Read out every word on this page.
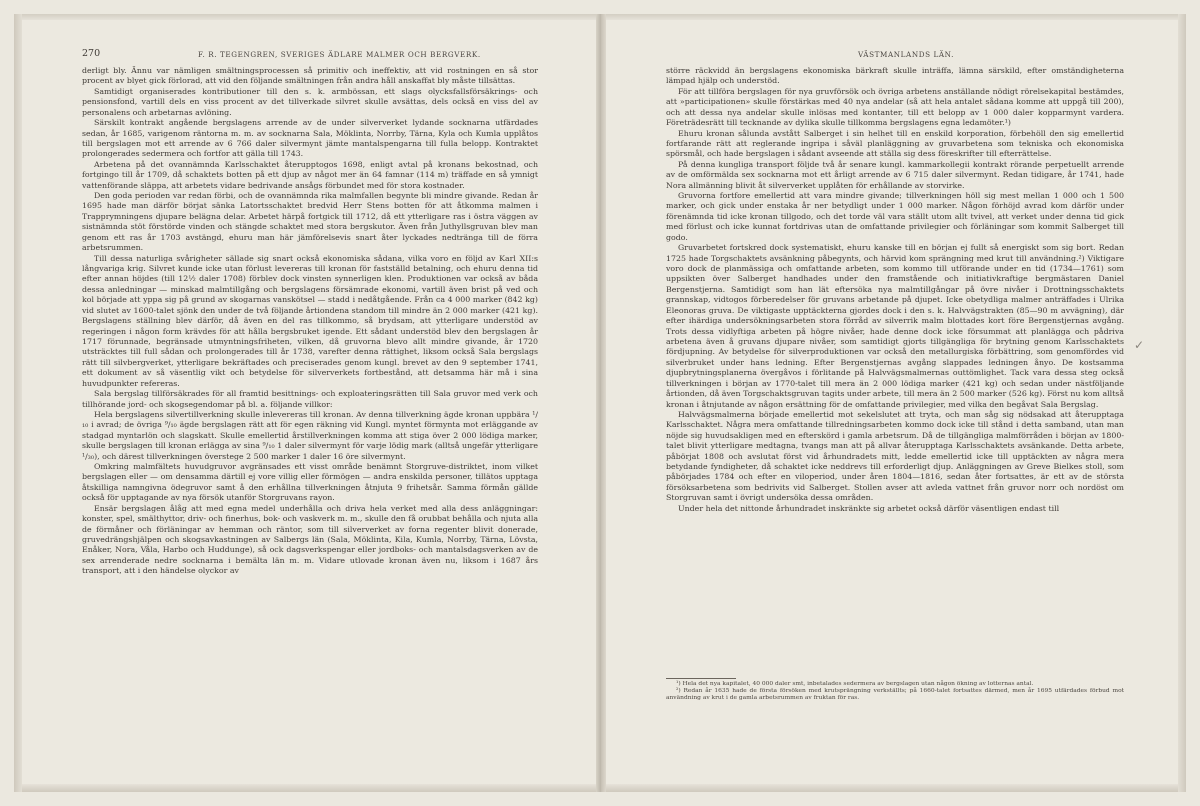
270	F. R. TEGENGREN, SVERIGES ÄDLARE MALMER OCH BERGVERK.

derligt bly. Ännu var nämligen smältningsprocessen så primitiv och ineffektiv, att vid rostningen en så stor procent av blyet gick förlorad, att vid den följande smältningen från andra håll anskaffat bly måste tillsättas.

Samtidigt organiserades kontributioner till den s. k. armbössan, ett slags olycksfallsförsäkrings- och pensionsfond, vartill dels en viss procent av det tillverkade silvret skulle avsättas, dels också en viss del av personalens och arbetarnas avlöning.

Särskilt kontrakt angående bergslagens arrende av de under silververket lydande socknarna utfärdades sedan, år 1685, varigenom räntorna m. m. av socknarna Sala, Möklinta, Norrby, Tärna, Kyla och Kumla upplåtos till bergslagen mot ett arrende av 6 766 daler silvermynt jämte mantalspengarna till fulla belopp. Kontraktet prolongerades sedermera och fortfor att gälla till 1743.

Arbetena på det ovannämnda Karlsschaktet återupptogos 1698, enligt avtal på kronans bekostnad, och fortgingo till år 1709, då schaktets botten på ett djup av något mer än 64 famnar (114 m) träffade en så ymnigt vattenförande släppa, att arbetets vidare bedrivande ansågs förbundet med för stora kostnader.

Den goda perioden var redan förbi, och de ovannämnda rika malmfallen begynte bli mindre givande. Redan år 1695 hade man därför börjat sänka Latortsschaktet bredvid Herr Stens botten för att åtkomma malmen i Trapprymningens djupare belägna delar. Arbetet härpå fortgick till 1712, då ett ytterligare ras i östra väggen av sistnämnda stöt förstörde vinden och stängde schaktet med stora bergskutor. Även från Juthyllsgruvan blev man genom ett ras år 1703 avstängd, ehuru man här jämförelsevis snart åter lyckades nedtränga till de förra arbetsrummen.

Till dessa naturliga svårigheter sällade sig snart också ekonomiska sådana, vilka voro en följd av Karl XII:s långvariga krig. Silvret kunde icke utan förlust levereras till kronan för fastställd betalning, och ehuru denna tid efter annan höjdes (till 12½ daler 1708) förblev dock vinsten synnerligen klen. Produktionen var också av båda dessa anledningar — minskad malmtillgång och bergslagens försämrade ekonomi, vartill även brist på ved och kol började att yppa sig på grund av skogarnas vanskötsel — stadd i nedåtgående. Från ca 4 000 marker (842 kg) vid slutet av 1600-talet sjönk den under de två följande årtiondena standom till mindre än 2 000 marker (421 kg). Bergslagens ställning blev därför, då även en del ras tillkommo, så brydsam, att ytterligare understöd av regeringen i någon form krävdes för att hålla bergsbruket igende. Ett sådant understöd blev den bergslagen år 1717 förunnade, begränsade utmyntningsfriheten, vilken, då gruvorna blevo allt mindre givande, år 1720 utsträcktes till full sådan och prolongerades till år 1738, varefter denna rättighet, liksom också Sala bergslags rätt till silvbergverket, ytterligare bekräftades och preciserades genom kungl. brevet av den 9 september 1741, ett dokument av så väsentlig vikt och betydelse för silververkets fortbestånd, att detsamma här må i sina huvudpunkter refereras.

Sala bergslag tillförsäkrades för all framtid besittnings- och exploateringsrätten till Sala gruvor med verk och tillhörande jord- och skogsegendomar på bl. a. följande villkor:

Hela bergslagens silvertillverkning skulle inlevereras till kronan. Av denna tillverkning ägde kronan uppbära ¹/₁₀ i avrad; de övriga ⁹/₁₀ ägde bergslagen rätt att för egen räkning vid Kungl. myntet förmynta mot erläggande av stadgad myntarlön och slagskatt. Skulle emellertid årstillverkningen komma att stiga över 2 000 lödiga marker, skulle bergslagen till kronan erlägga av sina ⁹/₁₀ 1 daler silvermynt för varje lödig mark (alltså ungefär ytterligare ¹/₃₀), och därest tillverkningen överstege 2 500 marker 1 daler 16 öre silvermynt.

Omkring malmfältets huvudgruvor avgränsades ett visst område benämnt Storgruve-distriktet, inom vilket bergslagen eller — om densamma därtill ej vore villig eller förmögen — andra enskilda personer, tillätos upptaga åtskilliga namngivna ödegruvor samt å den erhållna tillverkningen åtnjuta 9 frihetsår. Samma förmån gällde också för upptagande av nya försök utanför Storgruvans rayon.

Ensär bergslagen ålåg att med egna medel underhålla och driva hela verket med alla dess anläggningar: konster, spel, smälthyttor, driv- och finerhus, bok- och vaskverk m. m., skulle den få orubbat behålla och njuta alla de förmåner och förläningar av hemman och räntor, som till silververket av forna regenter blivit donerade, gruvedrängshjälpen och skogsavkastningen av Salbergs län (Sala, Möklinta, Kila, Kumla, Norrby, Tärna, Lövsta, Enåker, Nora, Våla, Harbo och Huddunge), så ock dagsverkspengar eller jordboks- och mantalsdagsverken av de sex arrenderade nedre socknarna i bemälta län m. m. Vidare utlovade kronan även nu, liksom i 1687 års transport, att i den händelse olyckor av

VÄSTMANLANDS LÄN.

större räckvidd än bergslagens ekonomiska bärkraft skulle inträffa, lämna särskild, efter omständigheterna lämpad hjälp och understöd.

För att tillföra bergslagen för nya gruvförsök och övriga arbetens anställande nödigt rörelsekapital bestämdes, att »participationen» skulle förstärkas med 40 nya andelar (så att hela antalet sådana komme att uppgå till 200), och att dessa nya andelar skulle inlösas med kontanter, till ett belopp av 1 000 daler kopparmynt vardera. Företrädesrätt till tecknande av dylika skulle tillkomma bergslagens egna ledamöter.¹)

Ehuru kronan sålunda avstått Salberget i sin helhet till en enskild korporation, förbehöll den sig emellertid fortfarande rätt att reglerande ingripa i såväl planläggning av gruvarbetena som tekniska och ekonomiska spörsmål, och hade bergslagen i sådant avseende att ställa sig dess föreskrifter till efterrättelse.

På denna kungliga transport följde två år senare kungl. kammarkollegii kontrakt rörande perpetuellt arrende av de omförmälda sex socknarna mot ett årligt arrende av 6 715 daler silvermynt. Redan tidigare, år 1741, hade Nora allmänning blivit åt silververket upplåten för erhållande av storvirke.

Gruvorna fortfore emellertid att vara mindre givande; tillverkningen höll sig mest mellan 1 000 och 1 500 marker, och gick under enstaka år ner betydligt under 1 000 marker. Någon förhöjd avrad kom därför under förenämnda tid icke kronan tillgodo, och det torde väl vara ställt utom allt tvivel, att verket under denna tid gick med förlust och icke kunnat fortdrivas utan de omfattande privilegier och förläningar som kommit Salberget till godo.

Gruvarbetet fortskred dock systematiskt, ehuru kanske till en början ej fullt så energiskt som sig bort. Redan 1725 hade Torgschaktets avsänkning påbegynts, och härvid kom sprängning med krut till användning.²) Viktigare voro dock de planmässiga och omfattande arbeten, som kommo till utförande under en tid (1734—1761) som uppsikten över Salberget handhades under den framstående och initiativkraftige bergmästaren Daniel Bergenstjerna. Samtidigt som han lät eftersöka nya malmtillgångar på övre nivåer i Drottningsschaktets grannskap, vidtogos förberedelser för gruvans arbetande på djupet. Icke obetydliga malmer anträffades i Ulrika Eleonoras gruva. De viktigaste upptäckterna gjordes dock i den s. k. Halvvägstrakten (85—90 m avvägning), där efter ihärdiga undersökningsarbeten stora förråd av silverrik malm blottades kort före Bergenstjernas avgång. Trots dessa vidlyftiga arbeten på högre nivåer, hade denne dock icke försummat att planlägga och pådriva arbetena även å gruvans djupare nivåer, som samtidigt gjorts tillgängliga för brytning genom Karlsschaktets fördjupning. Av betydelse för silverproduktionen var också den metallurgiska förbättring, som genomfördes vid silverbruket under hans ledning. Efter Bergenstjernas avgång slappades ledningen ånyo. De kostsamma djupbrytningsplanerna övergåvos i förlitande på Halvvägsmalmernas outtömlighet. Tack vara dessa steg också tillverkningen i början av 1770-talet till mera än 2 000 lödiga marker (421 kg) och sedan under nästföljande årtionden, då även Torgschaktsgruvan tagits under arbete, till mera än 2 500 marker (526 kg). Först nu kom alltså kronan i åtnjutande av någon ersättning för de omfattande privilegier, med vilka den begåvat Sala Bergslag.

Halvvägsmalmerna började emellertid mot sekelslutet att tryta, och man såg sig nödsakad att återupptaga Karlsschaktet. Några mera omfattande tillredningsarbeten kommo dock icke till stånd i detta samband, utan man nöjde sig huvudsakligen med en efterskörd i gamla arbetsrum. Då de tillgängliga malmförråden i början av 1800-talet blivit ytterligare medtagna, tvangs man att på allvar återupptaga Karlsschaktets avsänkande. Detta arbete, påbörjat 1808 och avslutat först vid århundradets mitt, ledde emellertid icke till upptäckten av några mera betydande fyndigheter, då schaktet icke neddrevs till erforderligt djup. Anläggningen av Greve Bielkes stoll, som påbörjades 1784 och efter en viloperiod, under åren 1804—1816, sedan åter fortsattes, är ett av de största försöksarbetena som bedrivits vid Salberget. Stollen avser att avleda vattnet från gruvor norr och nordöst om Storgruvan samt i övrigt undersöka dessa områden.

Under hela det nittonde århundradet inskränkte sig arbetet också därför väsentligen endast till

¹) Hela det nya kapitalet, 40 000 daler smt, inbetalades sedermera av bergslagen utan någon ökning av lotternas antal.

²) Redan år 1635 hade de första försöken med krutsprängning verkställts; på 1660-talet fortsattes därmed, men år 1695 utfärdades förbud mot användning av krut i de gamla arbetsrummen av fruktan för ras.

✓
